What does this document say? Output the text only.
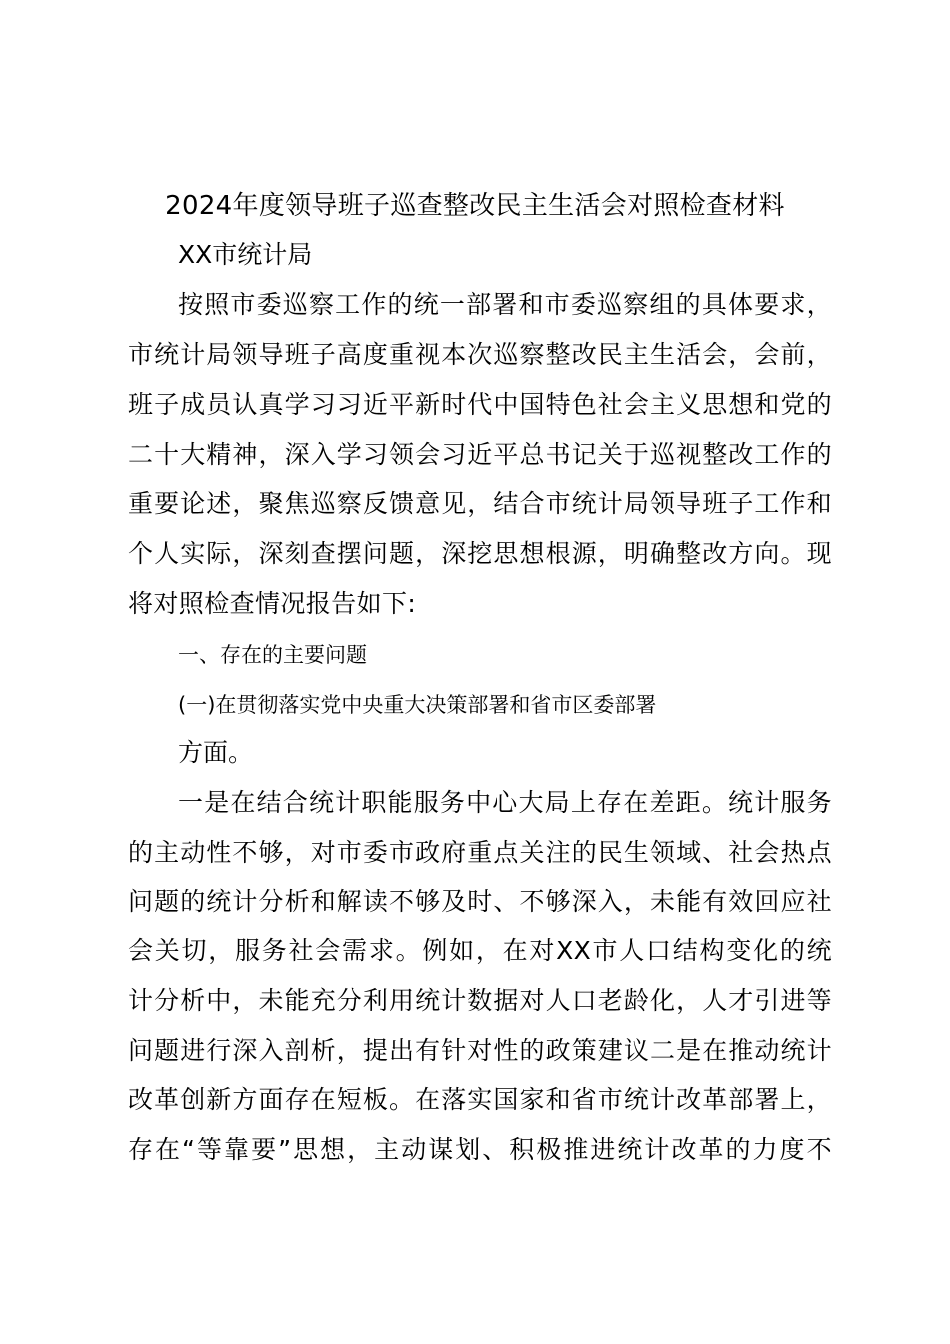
2024年度领导班子巡查整改民主生活会对照检查材料
XX市统计局
按照市委巡察工作的统一部署和市委巡察组的具体要求，
市统计局领导班子高度重视本次巡察整改民主生活会，会前，
班子成员认真学习习近平新时代中国特色社会主义思想和党的
二十大精神，深入学习领会习近平总书记关于巡视整改工作的
重要论述，聚焦巡察反馈意见，结合市统计局领导班子工作和
个人实际，深刻查摆问题，深挖思想根源，明确整改方向。现
将对照检查情况报告如下:
一、存在的主要问题
(一)在贯彻落实党中央重大决策部署和省市区委部署
方面。
一是在结合统计职能服务中心大局上存在差距。统计服务
的主动性不够，对市委市政府重点关注的民生领域、社会热点
问题的统计分析和解读不够及时、不够深入，未能有效回应社
会关切，服务社会需求。例如，在对XX市人口结构变化的统
计分析中，未能充分利用统计数据对人口老龄化，人才引进等
问题进行深入剖析，提出有针对性的政策建议二是在推动统计
改革创新方面存在短板。在落实国家和省市统计改革部署上，
存在“等靠要”思想，主动谋划、积极推进统计改革的力度不
